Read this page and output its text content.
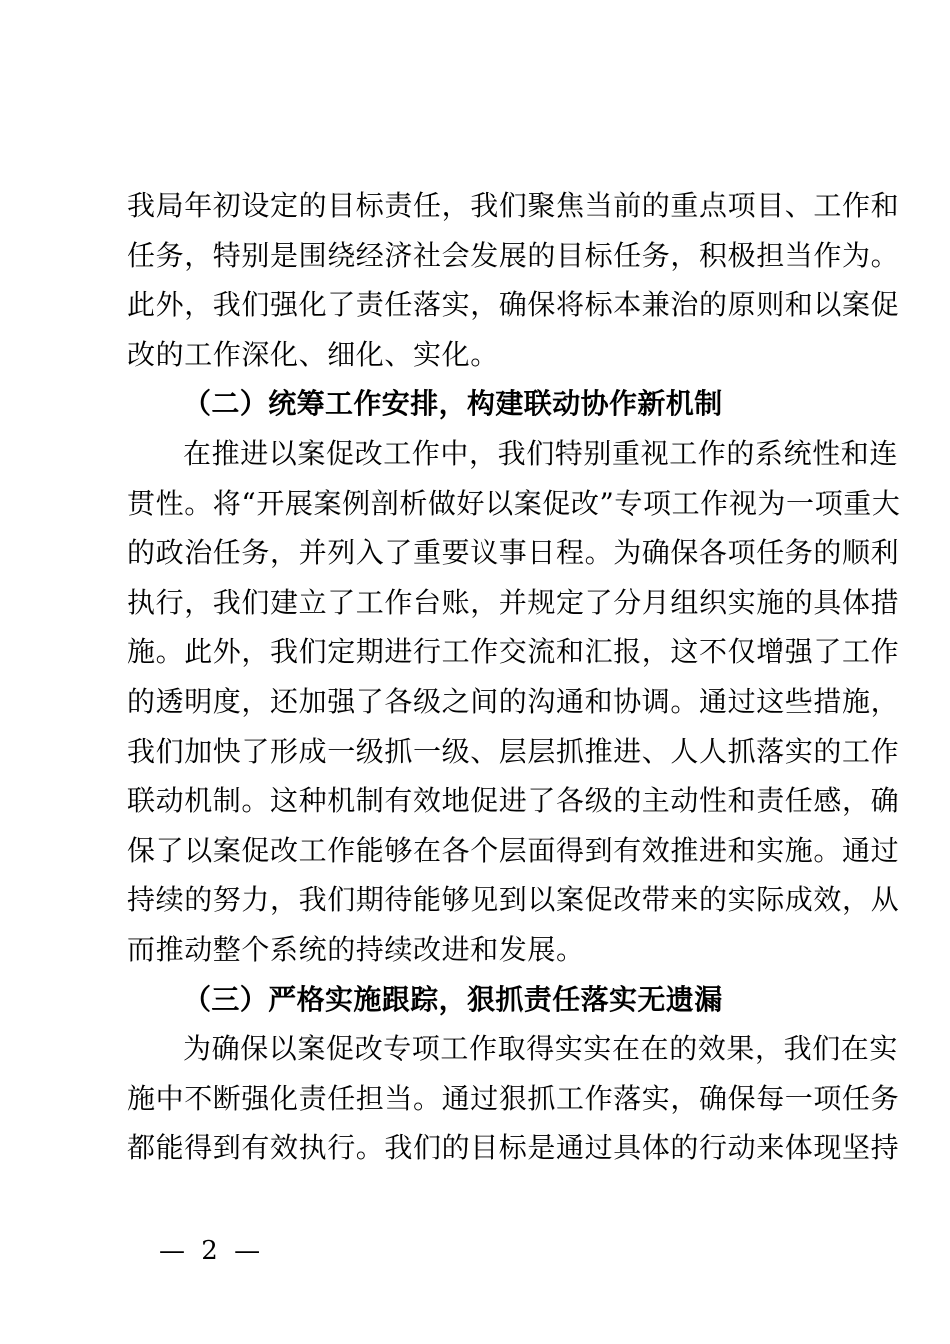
我局年初设定的目标责任，我们聚焦当前的重点项目、工作和
任务，特别是围绕经济社会发展的目标任务，积极担当作为。
此外，我们强化了责任落实，确保将标本兼治的原则和以案促
改的工作深化、细化、实化。
（二）统筹工作安排，构建联动协作新机制
在推进以案促改工作中，我们特别重视工作的系统性和连
贯性。将“开展案例剖析做好以案促改”专项工作视为一项重大
的政治任务，并列入了重要议事日程。为确保各项任务的顺利
执行，我们建立了工作台账，并规定了分月组织实施的具体措
施。此外，我们定期进行工作交流和汇报，这不仅增强了工作
的透明度，还加强了各级之间的沟通和协调。通过这些措施，
我们加快了形成一级抓一级、层层抓推进、人人抓落实的工作
联动机制。这种机制有效地促进了各级的主动性和责任感，确
保了以案促改工作能够在各个层面得到有效推进和实施。通过
持续的努力，我们期待能够见到以案促改带来的实际成效，从
而推动整个系统的持续改进和发展。
（三）严格实施跟踪，狠抓责任落实无遗漏
为确保以案促改专项工作取得实实在在的效果，我们在实
施中不断强化责任担当。通过狠抓工作落实，确保每一项任务
都能得到有效执行。我们的目标是通过具体的行动来体现坚持
— 2 —
